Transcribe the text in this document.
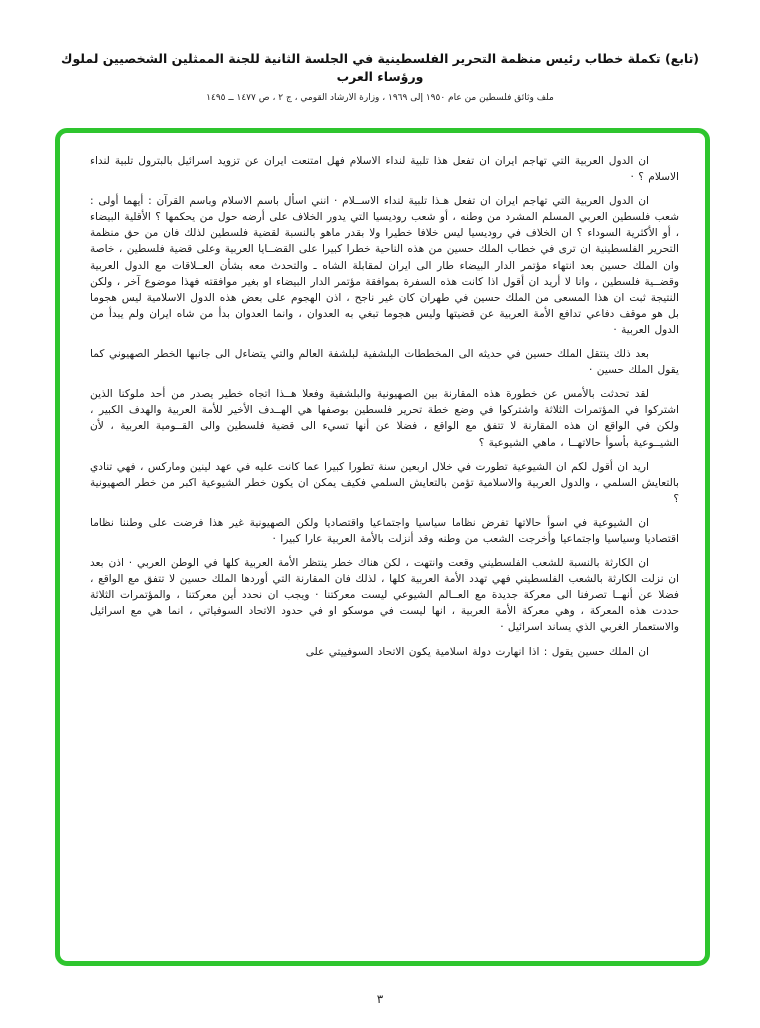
(تابع) تكملة خطاب رئيس منظمة التحرير الفلسطينية في الجلسة الثانية للجنة الممثلين الشخصيين لملوك ورؤساء العرب
ملف وثائق فلسطين من عام ١٩٥٠ إلى ١٩٦٩ ، وزارة الارشاد القومي ، ج ٢ ، ص ١٤٧٧ ــ ١٤٩٥

ان الدول العربية التي تهاجم ايران ان تفعل هذا تلبية لنداء الاسلام فهل امتنعت ايران عن تزويد اسرائيل بالبترول تلبية لنداء الاسلام ؟ ·

ان الدول العربية التي تهاجم ايران ان تفعل هـذا تلبية لنداء الاســلام · انني اسأل باسم الاسلام وباسم القرآن : أيهما أولى : شعب فلسطين العربي المسلم المشرد من وطنه ، أو شعب روديسيا التي يدور الخلاف على أرضه حول من يحكمها ؟ الأقلية البيضاء ، أو الأكثرية السوداء ؟ ان الخلاف في روديسيا ليس خلافا خطيرا ولا بقدر ماهو بالنسبة لقضية فلسطين لذلك فان من حق منظمة التحرير الفلسطينية ان ترى في خطاب الملك حسين من هذه الناحية خطرا كبيرا على القضــايا العربية وعلى قضية فلسطين ، خاصة وان الملك حسين بعد انتهاء مؤتمر الدار البيضاء طار الى ايران لمقابلة الشاه ـ والتحدث معه بشأن العــلاقات مع الدول العربية وقضــية فلسطين ، وانا لا أريد ان أقول اذا كانت هذه السفرة بموافقة مؤتمر الدار البيضاء او بغير موافقته فهذا موضوع آخر ، ولكن النتيجة ثبت ان هذا المسعى من الملك حسين في طهران كان غير ناجح ، اذن الهجوم على بعض هذه الدول الاسلامية ليس هجوما بل هو موقف دفاعي تدافع الأمة العربية عن قضيتها وليس هجوما تبغي به العدوان ، وانما العدوان بدأ من شاه ايران ولم يبدأ من الدول العربية ·

بعد ذلك ينتقل الملك حسين في حديثه الى المخططات البلشفية لبلشفة العالم والتي يتضاءل الى جانبها الخطر الصهيوني كما يقول الملك حسين ·

لقد تحدثت بالأمس عن خطورة هذه المقارنة بين الصهيونية والبلشفية وفعلا هــذا اتجاه خطير يصدر من أحد ملوكنا الذين اشتركوا في المؤتمرات الثلاثة واشتركوا في وضع خطة تحرير فلسطين بوصفها هي الهــدف الأخير للأمة العربية والهدف الكبير ، ولكن في الواقع ان هذه المقارنة لا تتفق مع الواقع ، فضلا عن أنها تسيء الى قضية فلسطين والى القــومية العربية ، لأن الشيــوعية بأسوأ حالاتهــا ، ماهي الشيوعية ؟

اريد ان أقول لكم ان الشيوعية تطورت في خلال اربعين سنة تطورا كبيرا عما كانت عليه في عهد لينين وماركس ، فهي تنادي بالتعايش السلمي ، والدول العربية والاسلامية تؤمن بالتعايش السلمي فكيف يمكن ان يكون خطر الشيوعية اكبر من خطر الصهيونية ؟

ان الشيوعية في اسوأ حالاتها تفرض نظاما سياسيا واجتماعيا واقتصاديا ولكن الصهيونية غير هذا فرضت على وطننا نظاما اقتصاديا وسياسيا واجتماعيا وأخرجت الشعب من وطنه وقد أنزلت بالأمة العربية عارا كبيرا ·

ان الكارثة بالنسبة للشعب الفلسطيني وقعت وانتهت ، لكن هناك خطر ينتظر الأمة العربية كلها في الوطن العربي · اذن بعد ان نزلت الكارثة بالشعب الفلسطيني فهي تهدد الأمة العربية كلها ، لذلك فان المقارنة التي أوردها الملك حسين لا تتفق مع الواقع ، فضلا عن أنهــا تصرفنا الى معركة جديدة مع العــالم الشيوعي ليست معركتنا · ويجب ان نحدد أين معركتنا ، والمؤتمرات الثلاثة حددت هذه المعركة ، وهي معركة الأمة العربية ، انها ليست في موسكو او في حدود الاتحاد السوفياتي ، انما هي مع اسرائيل والاستعمار الغربي الذي يساند اسرائيل ·

ان الملك حسين يقول : اذا انهارت دولة اسلامية يكون الاتحاد السوفييتي على

٣
